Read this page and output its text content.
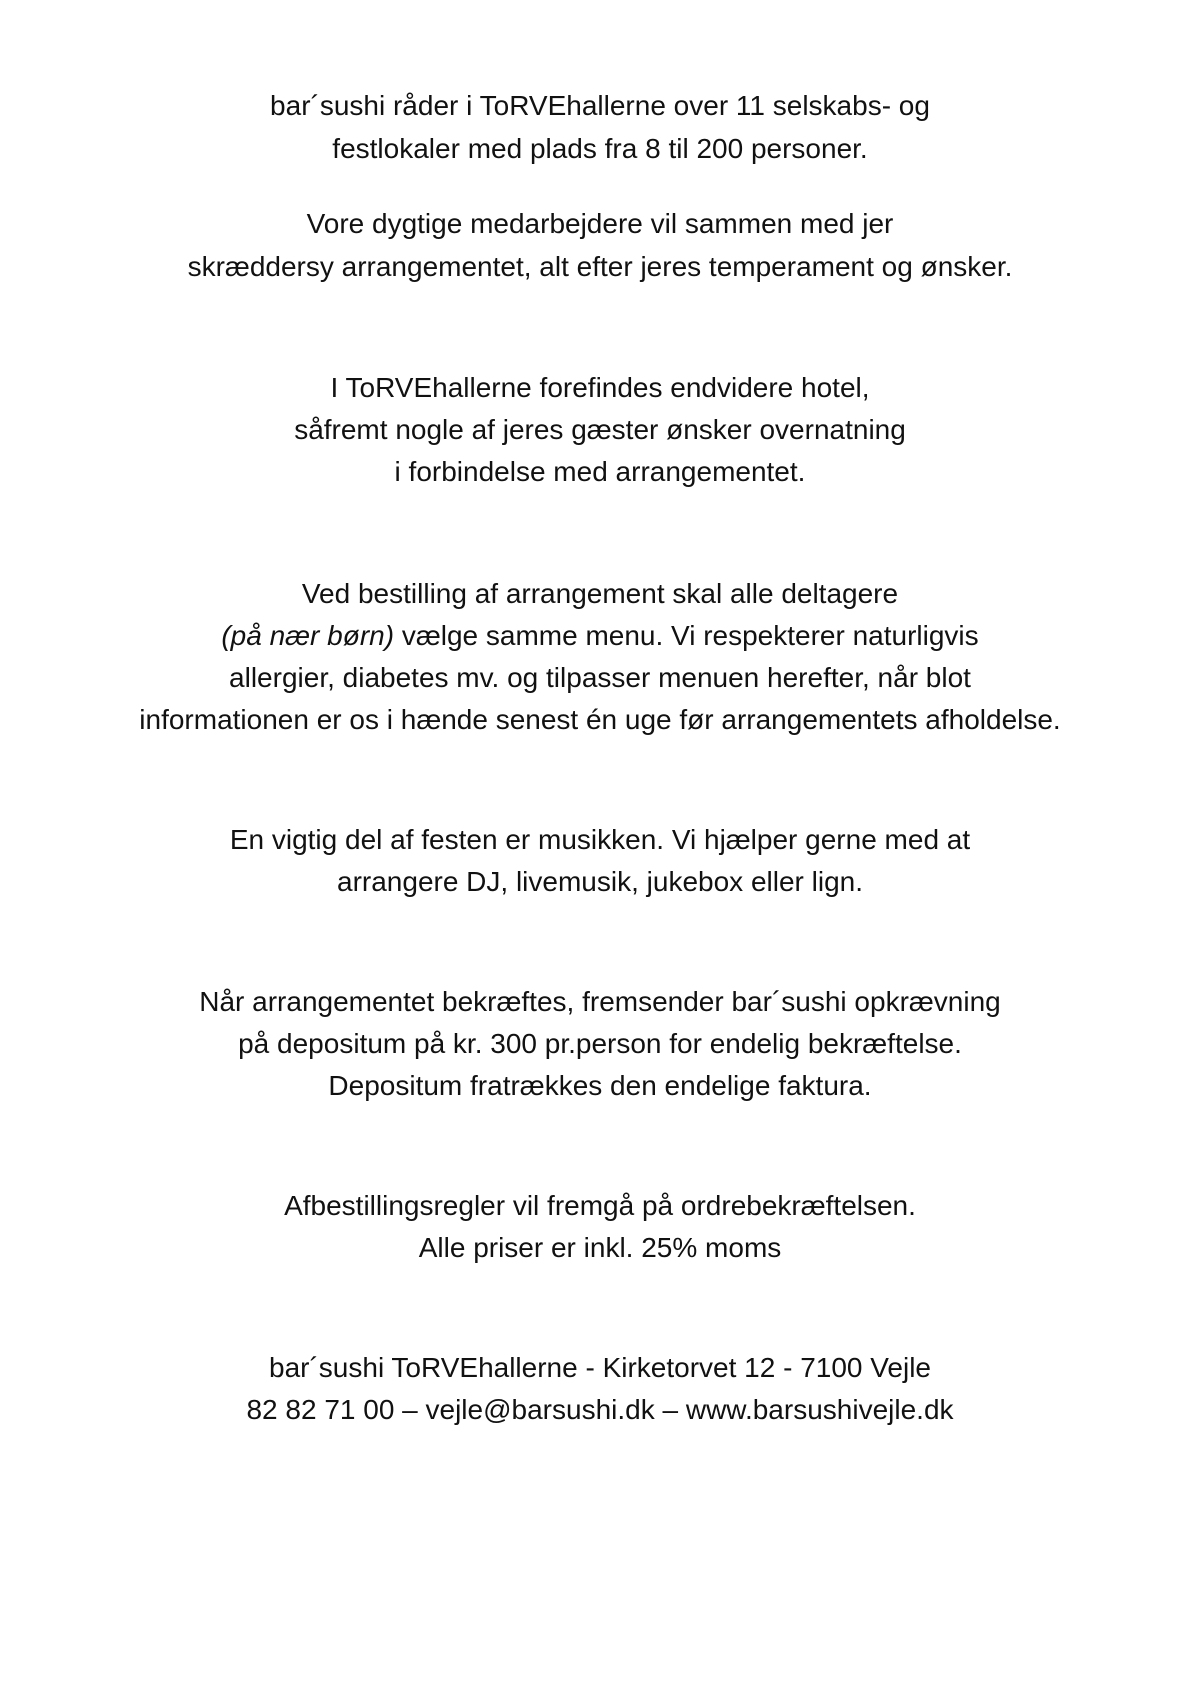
bar´sushi råder i ToRVEhallerne over 11 selskabs- og
festlokaler med plads fra 8 til 200 personer.
Vore dygtige medarbejdere vil sammen med jer
skræddersy arrangementet, alt efter jeres temperament og ønsker.
I ToRVEhallerne forefindes endvidere hotel,
såfremt nogle af jeres gæster ønsker overnatning
i forbindelse med arrangementet.
Ved bestilling af arrangement skal alle deltagere
(på nær børn) vælge samme menu. Vi respekterer naturligvis
allergier, diabetes mv. og tilpasser menuen herefter, når blot
informationen er os i hænde senest én uge før arrangementets afholdelse.
En vigtig del af festen er musikken. Vi hjælper gerne med at
arrangere DJ, livemusik, jukebox eller lign.
Når arrangementet bekræftes, fremsender bar´sushi opkrævning
på depositum på kr. 300 pr.person for endelig bekræftelse.
Depositum fratrækkes den endelige faktura.
Afbestillingsregler vil fremgå på ordrebekræftelsen.
Alle priser er inkl. 25% moms
bar´sushi ToRVEhallerne - Kirketorvet 12 - 7100 Vejle
82 82 71 00 – vejle@barsushi.dk – www.barsushivejle.dk
